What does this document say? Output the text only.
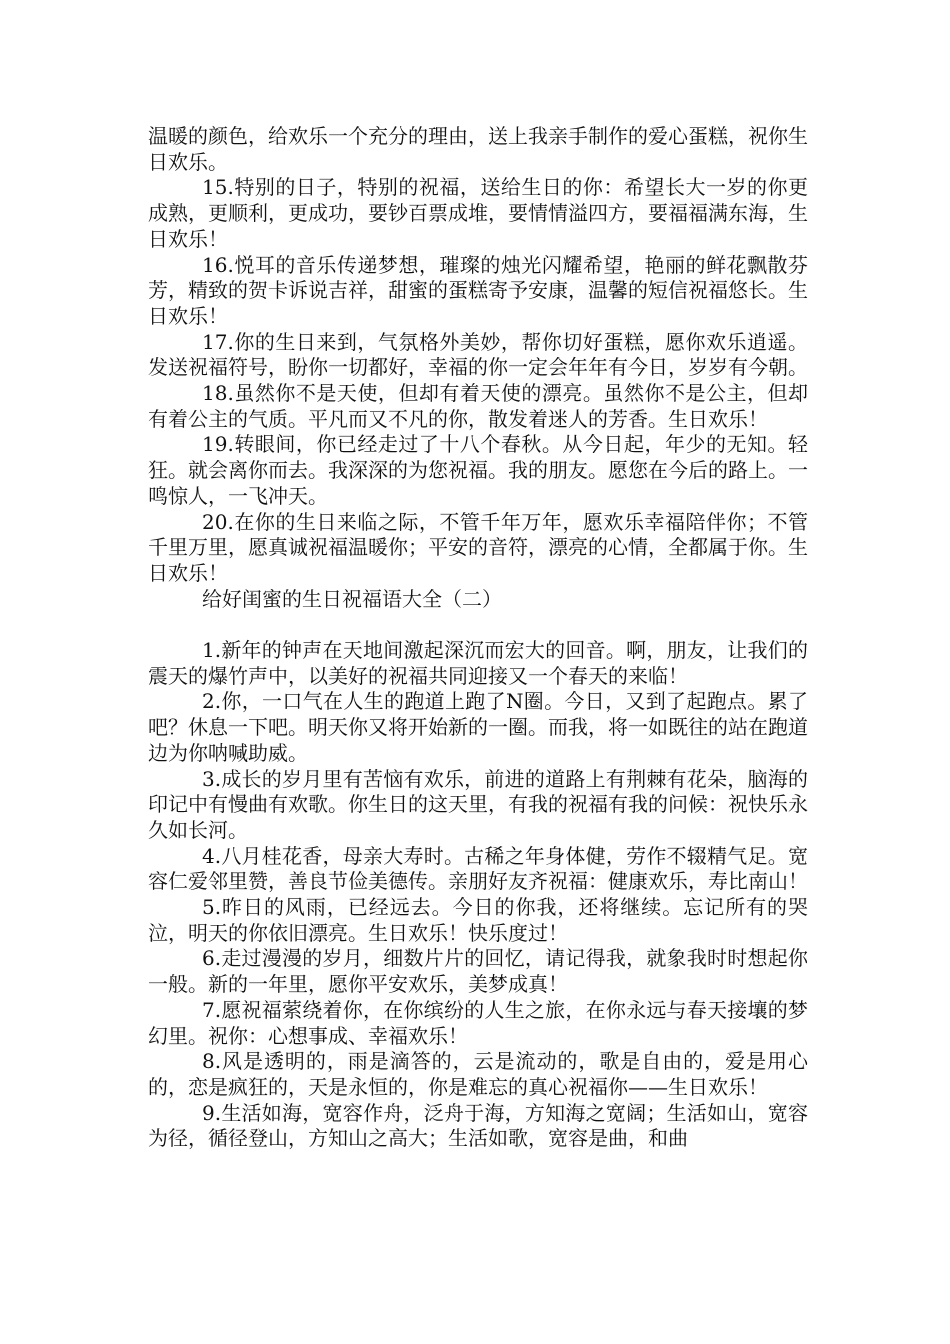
温暖的颜色，给欢乐一个充分的理由，送上我亲手制作的爱心蛋糕，祝你生日欢乐。

15.特别的日子，特别的祝福，送给生日的你：希望长大一岁的你更成熟，更顺利，更成功，要钞百票成堆，要情情溢四方，要福福满东海，生日欢乐！

16.悦耳的音乐传递梦想，璀璨的烛光闪耀希望，艳丽的鲜花飘散芬芳，精致的贺卡诉说吉祥，甜蜜的蛋糕寄予安康，温馨的短信祝福悠长。生日欢乐！

17.你的生日来到，气氛格外美妙，帮你切好蛋糕，愿你欢乐逍遥。发送祝福符号，盼你一切都好，幸福的你一定会年年有今日，岁岁有今朝。

18.虽然你不是天使，但却有着天使的漂亮。虽然你不是公主，但却有着公主的气质。平凡而又不凡的你，散发着迷人的芳香。生日欢乐！

19.转眼间，你已经走过了十八个春秋。从今日起，年少的无知。轻狂。就会离你而去。我深深的为您祝福。我的朋友。愿您在今后的路上。一鸣惊人，一飞冲天。

20.在你的生日来临之际，不管千年万年，愿欢乐幸福陪伴你；不管千里万里，愿真诚祝福温暖你；平安的音符，漂亮的心情，全都属于你。生日欢乐！

给好闺蜜的生日祝福语大全（二）

1.新年的钟声在天地间激起深沉而宏大的回音。啊，朋友，让我们的震天的爆竹声中，以美好的祝福共同迎接又一个春天的来临！

2.你，一口气在人生的跑道上跑了N圈。今日，又到了起跑点。累了吧？休息一下吧。明天你又将开始新的一圈。而我，将一如既往的站在跑道边为你呐喊助威。

3.成长的岁月里有苦恼有欢乐，前进的道路上有荆棘有花朵，脑海的印记中有慢曲有欢歌。你生日的这天里，有我的祝福有我的问候：祝快乐永久如长河。

4.八月桂花香，母亲大寿时。古稀之年身体健，劳作不辍精气足。宽容仁爱邻里赞，善良节俭美德传。亲朋好友齐祝福：健康欢乐，寿比南山！

5.昨日的风雨，已经远去。今日的你我，还将继续。忘记所有的哭泣，明天的你依旧漂亮。生日欢乐！快乐度过！

6.走过漫漫的岁月，细数片片的回忆，请记得我，就象我时时想起你一般。新的一年里，愿你平安欢乐，美梦成真！

7.愿祝福萦绕着你，在你缤纷的人生之旅，在你永远与春天接壤的梦幻里。祝你：心想事成、幸福欢乐！

8.风是透明的，雨是滴答的，云是流动的，歌是自由的，爱是用心的，恋是疯狂的，天是永恒的，你是难忘的真心祝福你——生日欢乐！

9.生活如海，宽容作舟，泛舟于海，方知海之宽阔；生活如山，宽容为径，循径登山，方知山之高大；生活如歌，宽容是曲，和曲
